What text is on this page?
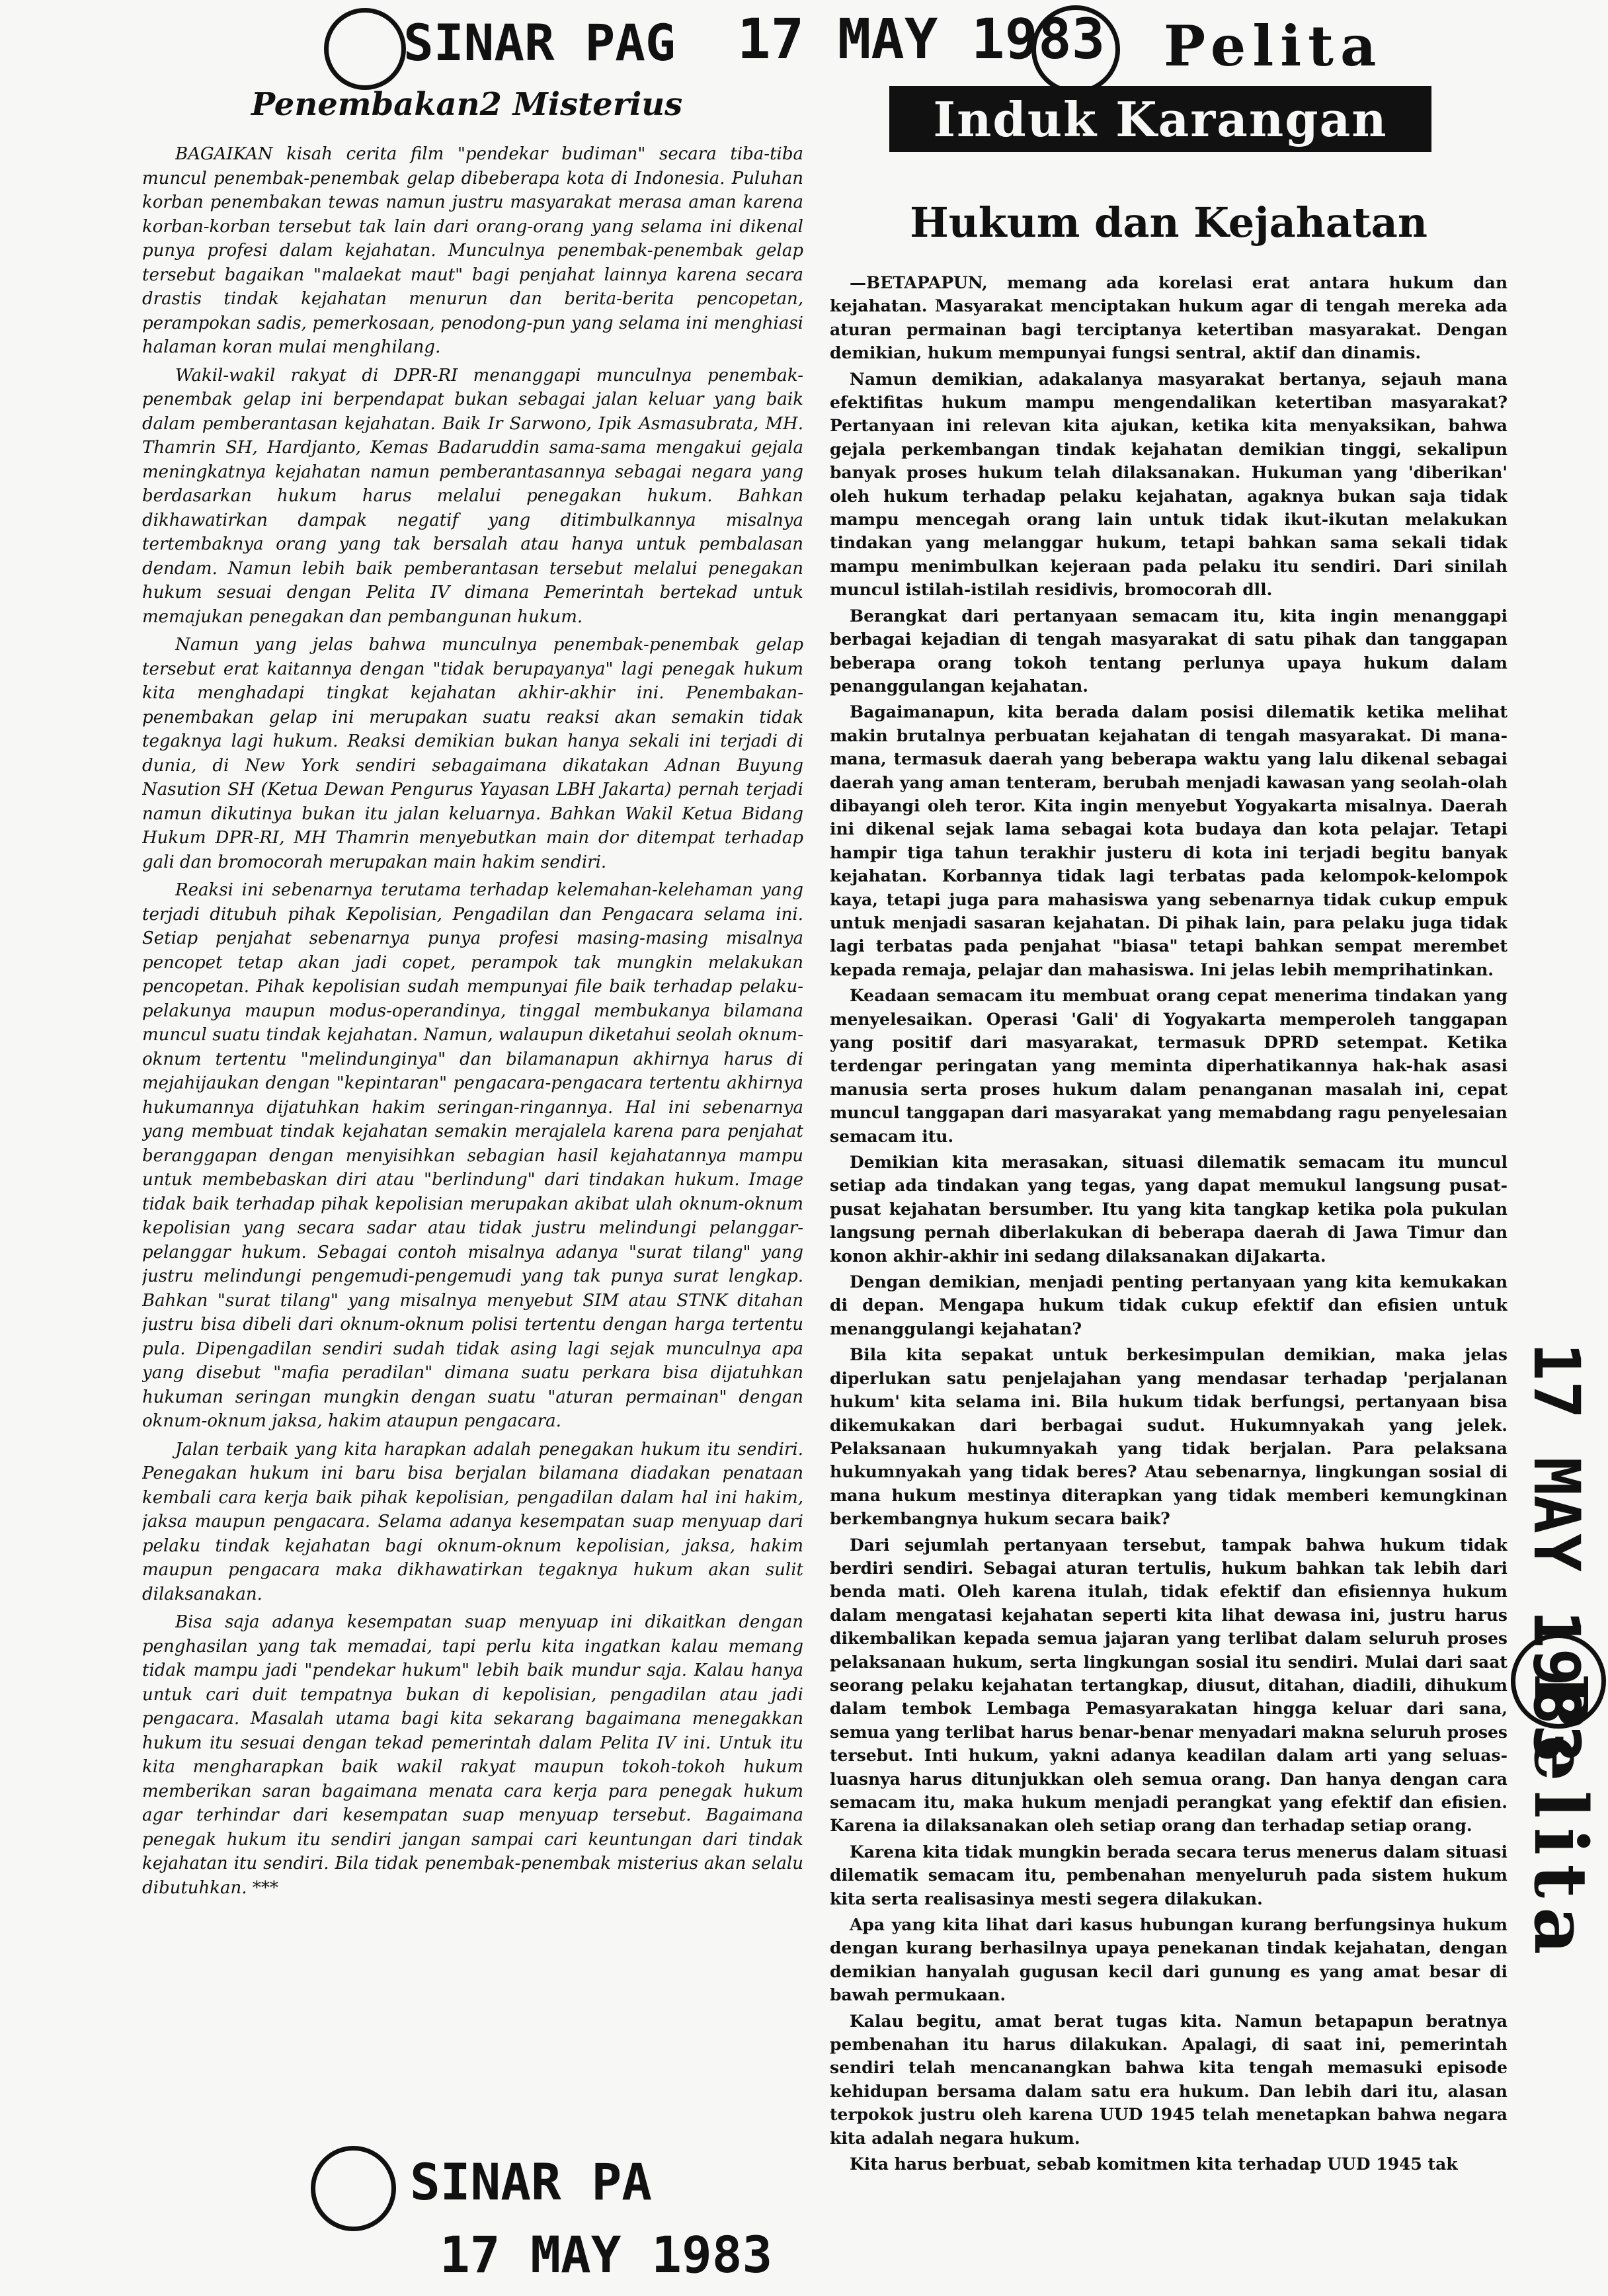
SINAR PAG 17 MAY 1983 Pelita
Penembakan2 Misterius

BAGAIKAN kisah cerita film "pendekar budiman" secara tiba-tiba muncul penembak-penembak gelap dibeberapa kota di Indonesia. Puluhan korban penembakan tewas namun justru masyarakat merasa aman karena korban-korban tersebut tak lain dari orang-orang yang selama ini dikenal punya profesi dalam kejahatan. Munculnya penembak-penembak gelap tersebut bagaikan "malaekat maut" bagi penjahat lainnya karena secara drastis tindak kejahatan menurun dan berita-berita pencopetan, perampokan sadis, pemerkosaan, penodong-pun yang selama ini menghiasi halaman koran mulai menghilang.

Wakil-wakil rakyat di DPR-RI menanggapi munculnya penembak-penembak gelap ini berpendapat bukan sebagai jalan keluar yang baik dalam pemberantasan kejahatan. Baik Ir Sarwono, Ipik Asmasubrata, MH. Thamrin SH, Hardjanto, Kemas Badaruddin sama-sama mengakui gejala meningkatnya kejahatan namun pemberantasannya sebagai negara yang berdasarkan hukum harus melalui penegakan hukum. Bahkan dikhawatirkan dampak negatif yang ditimbulkannya misalnya tertembaknya orang yang tak bersalah atau hanya untuk pembalasan dendam. Namun lebih baik pemberantasan tersebut melalui penegakan hukum sesuai dengan Pelita IV dimana Pemerintah bertekad untuk memajukan penegakan dan pembangunan hukum.

Namun yang jelas bahwa munculnya penembak-penembak gelap tersebut erat kaitannya dengan "tidak berupayanya" lagi penegak hukum kita menghadapi tingkat kejahatan akhir-akhir ini. Penembakan-penembakan gelap ini merupakan suatu reaksi akan semakin tidak tegaknya lagi hukum. Reaksi demikian bukan hanya sekali ini terjadi di dunia, di New York sendiri sebagaimana dikatakan Adnan Buyung Nasution SH (Ketua Dewan Pengurus Yayasan LBH Jakarta) pernah terjadi namun dikutinya bukan itu jalan keluarnya. Bahkan Wakil Ketua Bidang Hukum DPR-RI, MH Thamrin menyebutkan main dor ditempat terhadap gali dan bromocorah merupakan main hakim sendiri.

Reaksi ini sebenarnya terutama terhadap kelemahan-kelehaman yang terjadi ditubuh pihak Kepolisian, Pengadilan dan Pengacara selama ini. Setiap penjahat sebenarnya punya profesi masing-masing misalnya pencopet tetap akan jadi copet, perampok tak mungkin melakukan pencopetan. Pihak kepolisian sudah mempunyai file baik terhadap pelaku-pelakunya maupun modus-operandinya, tinggal membukanya bilamana muncul suatu tindak kejahatan. Namun, walaupun diketahui seolah oknum-oknum tertentu "melindunginya" dan bilamanapun akhirnya harus di mejahijaukan dengan "kepintaran" pengacara-pengacara tertentu akhirnya hukumannya dijatuhkan hakim seringan-ringannya. Hal ini sebenarnya yang membuat tindak kejahatan semakin merajalela karena para penjahat beranggapan dengan menyisihkan sebagian hasil kejahatannya mampu untuk membebaskan diri atau "berlindung" dari tindakan hukum. Image tidak baik terhadap pihak kepolisian merupakan akibat ulah oknum-oknum kepolisian yang secara sadar atau tidak justru melindungi pelanggar-pelanggar hukum. Sebagai contoh misalnya adanya "surat tilang" yang justru melindungi pengemudi-pengemudi yang tak punya surat lengkap. Bahkan "surat tilang" yang misalnya menyebut SIM atau STNK ditahan justru bisa dibeli dari oknum-oknum polisi tertentu dengan harga tertentu pula. Dipengadilan sendiri sudah tidak asing lagi sejak munculnya apa yang disebut "mafia peradilan" dimana suatu perkara bisa dijatuhkan hukuman seringan mungkin dengan suatu "aturan permainan" dengan oknum-oknum jaksa, hakim ataupun pengacara.

Jalan terbaik yang kita harapkan adalah penegakan hukum itu sendiri. Penegakan hukum ini baru bisa berjalan bilamana diadakan penataan kembali cara kerja baik pihak kepolisian, pengadilan dalam hal ini hakim, jaksa maupun pengacara. Selama adanya kesempatan suap menyuap dari pelaku tindak kejahatan bagi oknum-oknum kepolisian, jaksa, hakim maupun pengacara maka dikhawatirkan tegaknya hukum akan sulit dilaksanakan.

Bisa saja adanya kesempatan suap menyuap ini dikaitkan dengan penghasilan yang tak memadai, tapi perlu kita ingatkan kalau memang tidak mampu jadi "pendekar hukum" lebih baik mundur saja. Kalau hanya untuk cari duit tempatnya bukan di kepolisian, pengadilan atau jadi pengacara. Masalah utama bagi kita sekarang bagaimana menegakkan hukum itu sesuai dengan tekad pemerintah dalam Pelita IV ini. Untuk itu kita mengharapkan baik wakil rakyat maupun tokoh-tokoh hukum memberikan saran bagaimana menata cara kerja para penegak hukum agar terhindar dari kesempatan suap menyuap tersebut. Bagaimana penegak hukum itu sendiri jangan sampai cari keuntungan dari tindak kejahatan itu sendiri. Bila tidak penembak-penembak misterius akan selalu dibutuhkan. ***

Induk Karangan
Hukum dan Kejahatan

—BETAPAPUN, memang ada korelasi erat antara hukum dan kejahatan. Masyarakat menciptakan hukum agar di tengah mereka ada aturan permainan bagi terciptanya ketertiban masyarakat. Dengan demikian, hukum mempunyai fungsi sentral, aktif dan dinamis.

Namun demikian, adakalanya masyarakat bertanya, sejauh mana efektifitas hukum mampu mengendalikan ketertiban masyarakat? Pertanyaan ini relevan kita ajukan, ketika kita menyaksikan, bahwa gejala perkembangan tindak kejahatan demikian tinggi, sekalipun banyak proses hukum telah dilaksanakan. Hukuman yang 'diberikan' oleh hukum terhadap pelaku kejahatan, agaknya bukan saja tidak mampu mencegah orang lain untuk tidak ikut-ikutan melakukan tindakan yang melanggar hukum, tetapi bahkan sama sekali tidak mampu menimbulkan kejeraan pada pelaku itu sendiri. Dari sinilah muncul istilah-istilah residivis, bromocorah dll.

Berangkat dari pertanyaan semacam itu, kita ingin menanggapi berbagai kejadian di tengah masyarakat di satu pihak dan tanggapan beberapa orang tokoh tentang perlunya upaya hukum dalam penanggulangan kejahatan.

Bagaimanapun, kita berada dalam posisi dilematik ketika melihat makin brutalnya perbuatan kejahatan di tengah masyarakat. Di mana-mana, termasuk daerah yang beberapa waktu yang lalu dikenal sebagai daerah yang aman tenteram, berubah menjadi kawasan yang seolah-olah dibayangi oleh teror. Kita ingin menyebut Yogyakarta misalnya. Daerah ini dikenal sejak lama sebagai kota budaya dan kota pelajar. Tetapi hampir tiga tahun terakhir justeru di kota ini terjadi begitu banyak kejahatan. Korbannya tidak lagi terbatas pada kelompok-kelompok kaya, tetapi juga para mahasiswa yang sebenarnya tidak cukup empuk untuk menjadi sasaran kejahatan. Di pihak lain, para pelaku juga tidak lagi terbatas pada penjahat "biasa" tetapi bahkan sempat merembet kepada remaja, pelajar dan mahasiswa. Ini jelas lebih memprihatinkan.

Keadaan semacam itu membuat orang cepat menerima tindakan yang menyelesaikan. Operasi 'Gali' di Yogyakarta memperoleh tanggapan yang positif dari masyarakat, termasuk DPRD setempat. Ketika terdengar peringatan yang meminta diperhatikannya hak-hak asasi manusia serta proses hukum dalam penanganan masalah ini, cepat muncul tanggapan dari masyarakat yang memabdang ragu penyelesaian semacam itu.

Demikian kita merasakan, situasi dilematik semacam itu muncul setiap ada tindakan yang tegas, yang dapat memukul langsung pusat-pusat kejahatan bersumber. Itu yang kita tangkap ketika pola pukulan langsung pernah diberlakukan di beberapa daerah di Jawa Timur dan konon akhir-akhir ini sedang dilaksanakan diJakarta.

Dengan demikian, menjadi penting pertanyaan yang kita kemukakan di depan. Mengapa hukum tidak cukup efektif dan efisien untuk menanggulangi kejahatan?

Bila kita sepakat untuk berkesimpulan demikian, maka jelas diperlukan satu penjelajahan yang mendasar terhadap 'perjalanan hukum' kita selama ini. Bila hukum tidak berfungsi, pertanyaan bisa dikemukakan dari berbagai sudut. Hukumnyakah yang jelek. Pelaksanaan hukumnyakah yang tidak berjalan. Para pelaksana hukumnyakah yang tidak beres? Atau sebenarnya, lingkungan sosial di mana hukum mestinya diterapkan yang tidak memberi kemungkinan berkembangnya hukum secara baik?

Dari sejumlah pertanyaan tersebut, tampak bahwa hukum tidak berdiri sendiri. Sebagai aturan tertulis, hukum bahkan tak lebih dari benda mati. Oleh karena itulah, tidak efektif dan efisiennya hukum dalam mengatasi kejahatan seperti kita lihat dewasa ini, justru harus dikembalikan kepada semua jajaran yang terlibat dalam seluruh proses pelaksanaan hukum, serta lingkungan sosial itu sendiri. Mulai dari saat seorang pelaku kejahatan tertangkap, diusut, ditahan, diadili, dihukum dalam tembok Lembaga Pemasyarakatan hingga keluar dari sana, semua yang terlibat harus benar-benar menyadari makna seluruh proses tersebut. Inti hukum, yakni adanya keadilan dalam arti yang seluas-luasnya harus ditunjukkan oleh semua orang. Dan hanya dengan cara semacam itu, maka hukum menjadi perangkat yang efektif dan efisien. Karena ia dilaksanakan oleh setiap orang dan terhadap setiap orang.

Karena kita tidak mungkin berada secara terus menerus dalam situasi dilematik semacam itu, pembenahan menyeluruh pada sistem hukum kita serta realisasinya mesti segera dilakukan.

Apa yang kita lihat dari kasus hubungan kurang berfungsinya hukum dengan kurang berhasilnya upaya penekanan tindak kejahatan, dengan demikian hanyalah gugusan kecil dari gunung es yang amat besar di bawah permukaan.

Kalau begitu, amat berat tugas kita. Namun betapapun beratnya pembenahan itu harus dilakukan. Apalagi, di saat ini, pemerintah sendiri telah mencanangkan bahwa kita tengah memasuki episode kehidupan bersama dalam satu era hukum. Dan lebih dari itu, alasan terpokok justru oleh karena UUD 1945 telah menetapkan bahwa negara kita adalah negara hukum.

Kita harus berbuat, sebab komitmen kita terhadap UUD 1945 tak

SINAR PA
17 MAY 1983
17 MAY 1983
Pelita
